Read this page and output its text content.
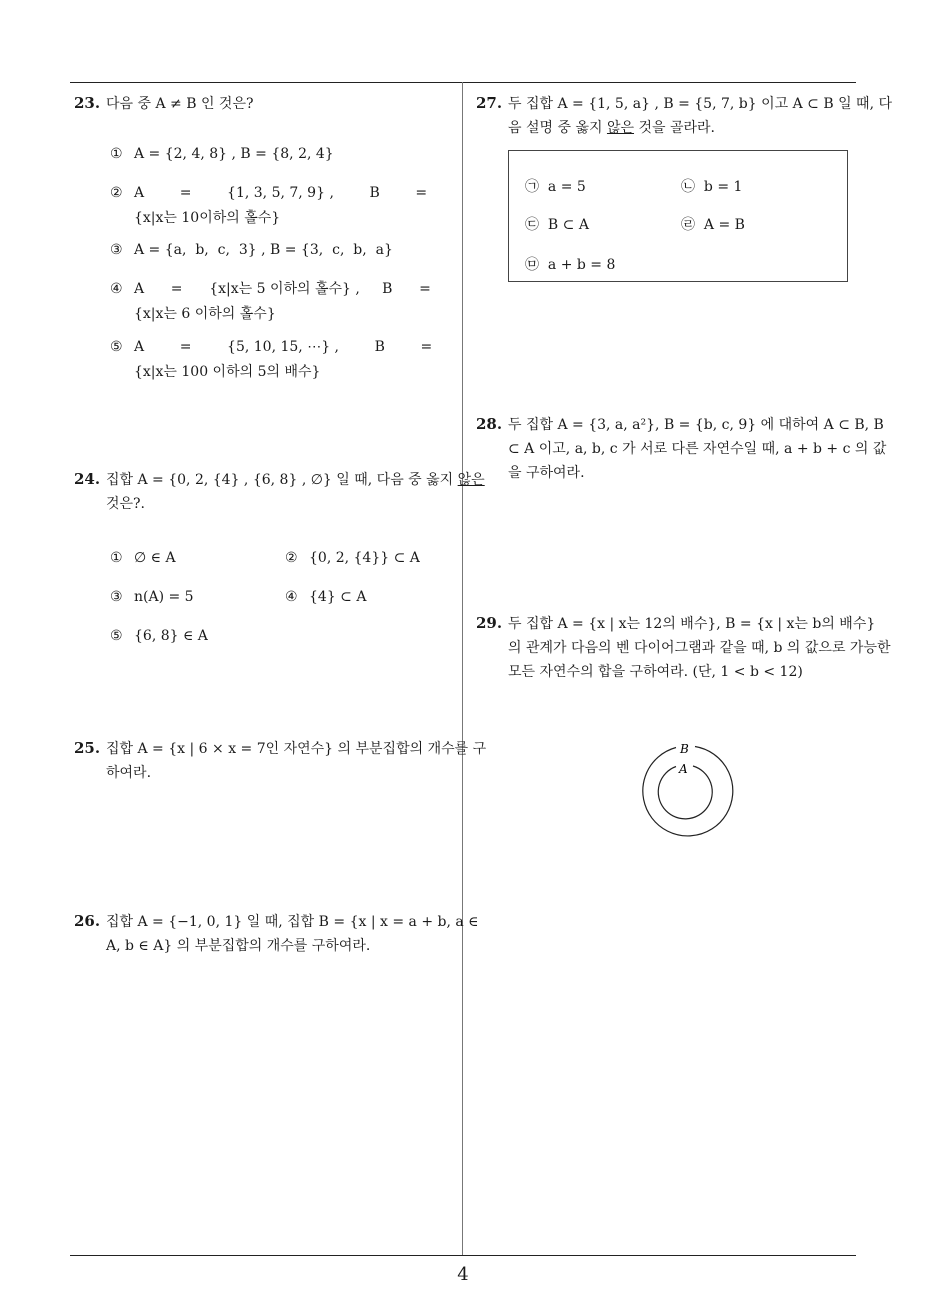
23. 다음 중 A ≠ B 인 것은?
① A = {2, 4, 8} , B = {8, 2, 4}
② A        =        {1, 3, 5, 7, 9} ,        B        =
{x|x는 10이하의 홀수}
③ A = {a,  b,  c,  3} , B = {3,  c,  b,  a}
④ A      =      {x|x는 5 이하의 홀수} ,     B      =
{x|x는 6 이하의 홀수}
⑤ A        =        {5, 10, 15, ⋯} ,        B        =
{x|x는 100 이하의 5의 배수}
24. 집합 A = {0, 2, {4} , {6, 8} , ∅} 일 때, 다음 중 옳지 않은 것은?.
① ∅ ∈ A	② {0, 2, {4}} ⊂ A
③ n(A) = 5	④ {4} ⊂ A
⑤ {6, 8} ∈ A
25. 집합 A = {x | 6 × x = 7인 자연수} 의 부분집합의 개수를 구하여라.
26. 집합 A = {−1, 0, 1} 일 때, 집합 B = {x | x = a + b, a ∈ A, b ∈ A} 의 부분집합의 개수를 구하여라.
27. 두 집합 A = {1, 5, a} , B = {5, 7, b} 이고 A ⊂ B 일 때, 다음 설명 중 옳지 않은 것을 골라라.
㉠ a = 5	㉡ b = 1
㉢ B ⊂ A	㉣ A = B
㉤ a + b = 8
28. 두 집합 A = {3, a, a²}, B = {b, c, 9} 에 대하여 A ⊂ B, B ⊂ A 이고, a, b, c 가 서로 다른 자연수일 때, a + b + c 의 값을 구하여라.
29. 두 집합 A = {x | x는 12의 배수}, B = {x | x는 b의 배수} 의 관계가 다음의 벤 다이어그램과 같을 때, b 의 값으로 가능한 모든 자연수의 합을 구하여라. (단, 1 < b < 12)
B
A
4
